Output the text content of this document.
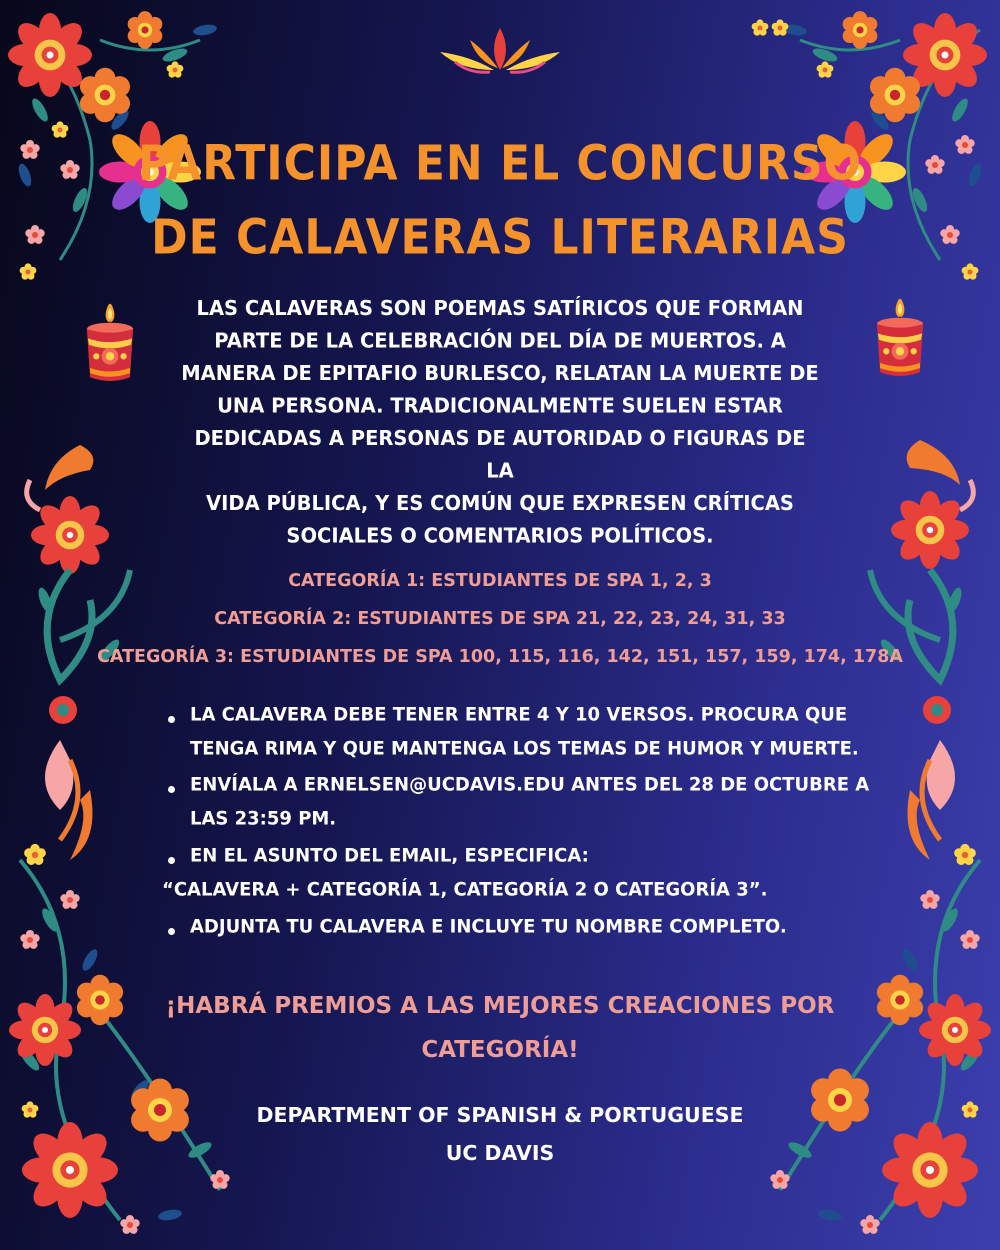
PARTICIPA EN EL CONCURSO
DE CALAVERAS LITERARIAS
LAS CALAVERAS SON POEMAS SATÍRICOS QUE FORMAN
PARTE DE LA CELEBRACIÓN DEL DÍA DE MUERTOS. A
MANERA DE EPITAFIO BURLESCO, RELATAN LA MUERTE DE
UNA PERSONA. TRADICIONALMENTE SUELEN ESTAR
DEDICADAS A PERSONAS DE AUTORIDAD O FIGURAS DE LA
VIDA PÚBLICA, Y ES COMÚN QUE EXPRESEN CRÍTICAS
SOCIALES O COMENTARIOS POLÍTICOS.
CATEGORÍA 1: ESTUDIANTES DE SPA 1, 2, 3
CATEGORÍA 2: ESTUDIANTES DE SPA 21, 22, 23, 24, 31, 33
CATEGORÍA 3: ESTUDIANTES DE SPA 100, 115, 116, 142, 151, 157, 159, 174, 178A
LA CALAVERA DEBE TENER ENTRE 4 Y 10 VERSOS. PROCURA QUE
TENGA RIMA Y QUE MANTENGA LOS TEMAS DE HUMOR Y MUERTE.
ENVÍALA A ERNELSEN@UCDAVIS.EDU ANTES DEL 28 DE OCTUBRE A
LAS 23:59 PM.
EN EL ASUNTO DEL EMAIL, ESPECIFICA:
“CALAVERA + CATEGORÍA 1, CATEGORÍA 2 O CATEGORÍA 3”.
ADJUNTA TU CALAVERA E INCLUYE TU NOMBRE COMPLETO.
¡HABRÁ PREMIOS A LAS MEJORES CREACIONES POR
CATEGORÍA!
DEPARTMENT OF SPANISH & PORTUGUESE
UC DAVIS
